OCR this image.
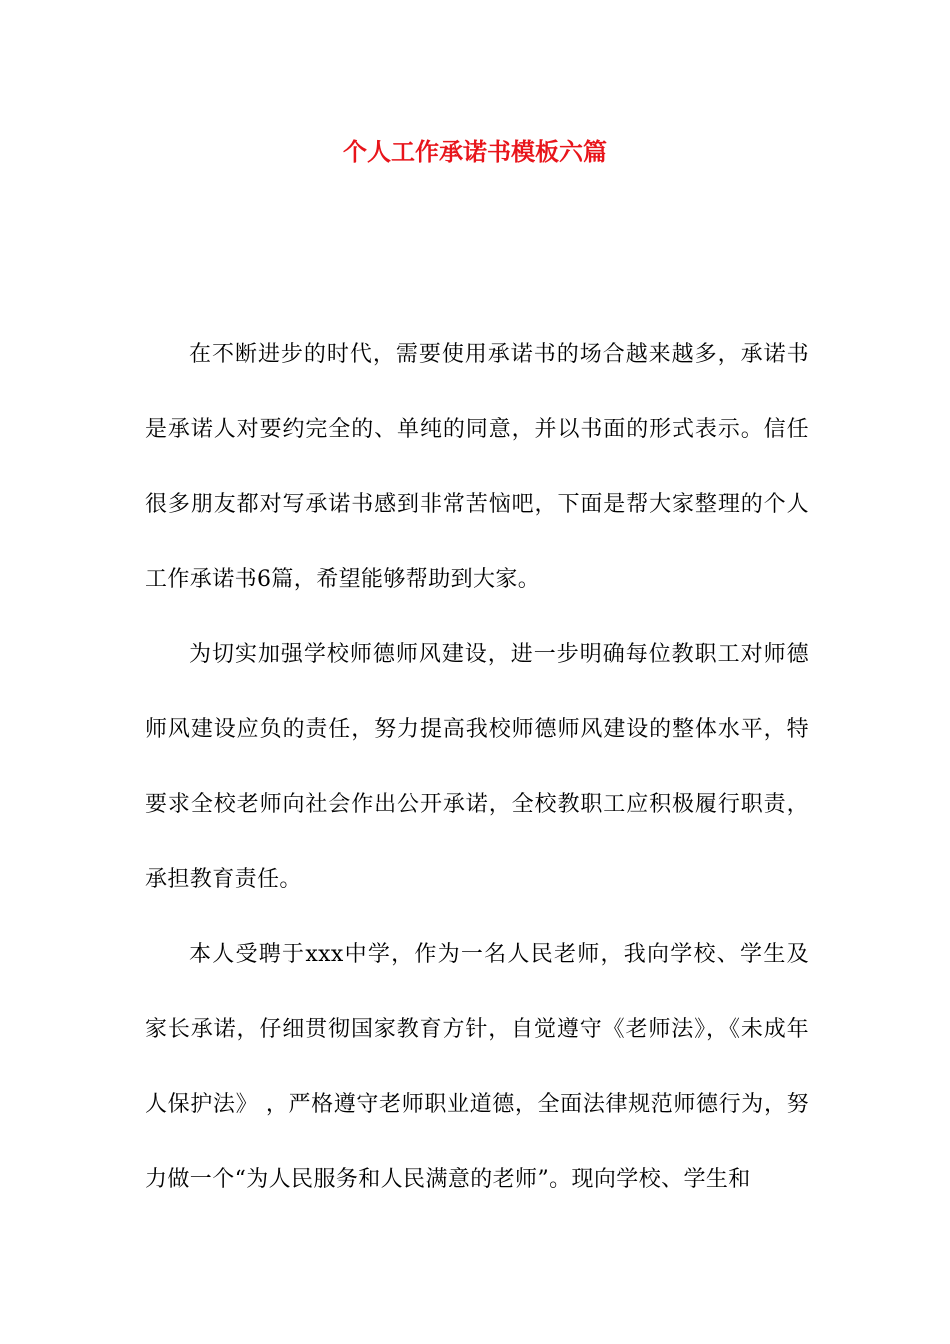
个人工作承诺书模板六篇

在不断进步的时代，需要使用承诺书的场合越来越多，承诺书是承诺人对要约完全的、单纯的同意，并以书面的形式表示。信任很多朋友都对写承诺书感到非常苦恼吧，下面是帮大家整理的个人工作承诺书6篇，希望能够帮助到大家。

为切实加强学校师德师风建设，进一步明确每位教职工对师德师风建设应负的责任，努力提高我校师德师风建设的整体水平，特要求全校老师向社会作出公开承诺，全校教职工应积极履行职责，承担教育责任。

本人受聘于xxx中学，作为一名人民老师，我向学校、学生及家长承诺，仔细贯彻国家教育方针，自觉遵守《老师法》，《未成年人保护法》 ，严格遵守老师职业道德，全面法律规范师德行为，努力做一个“为人民服务和人民满意的老师”。现向学校、学生和
